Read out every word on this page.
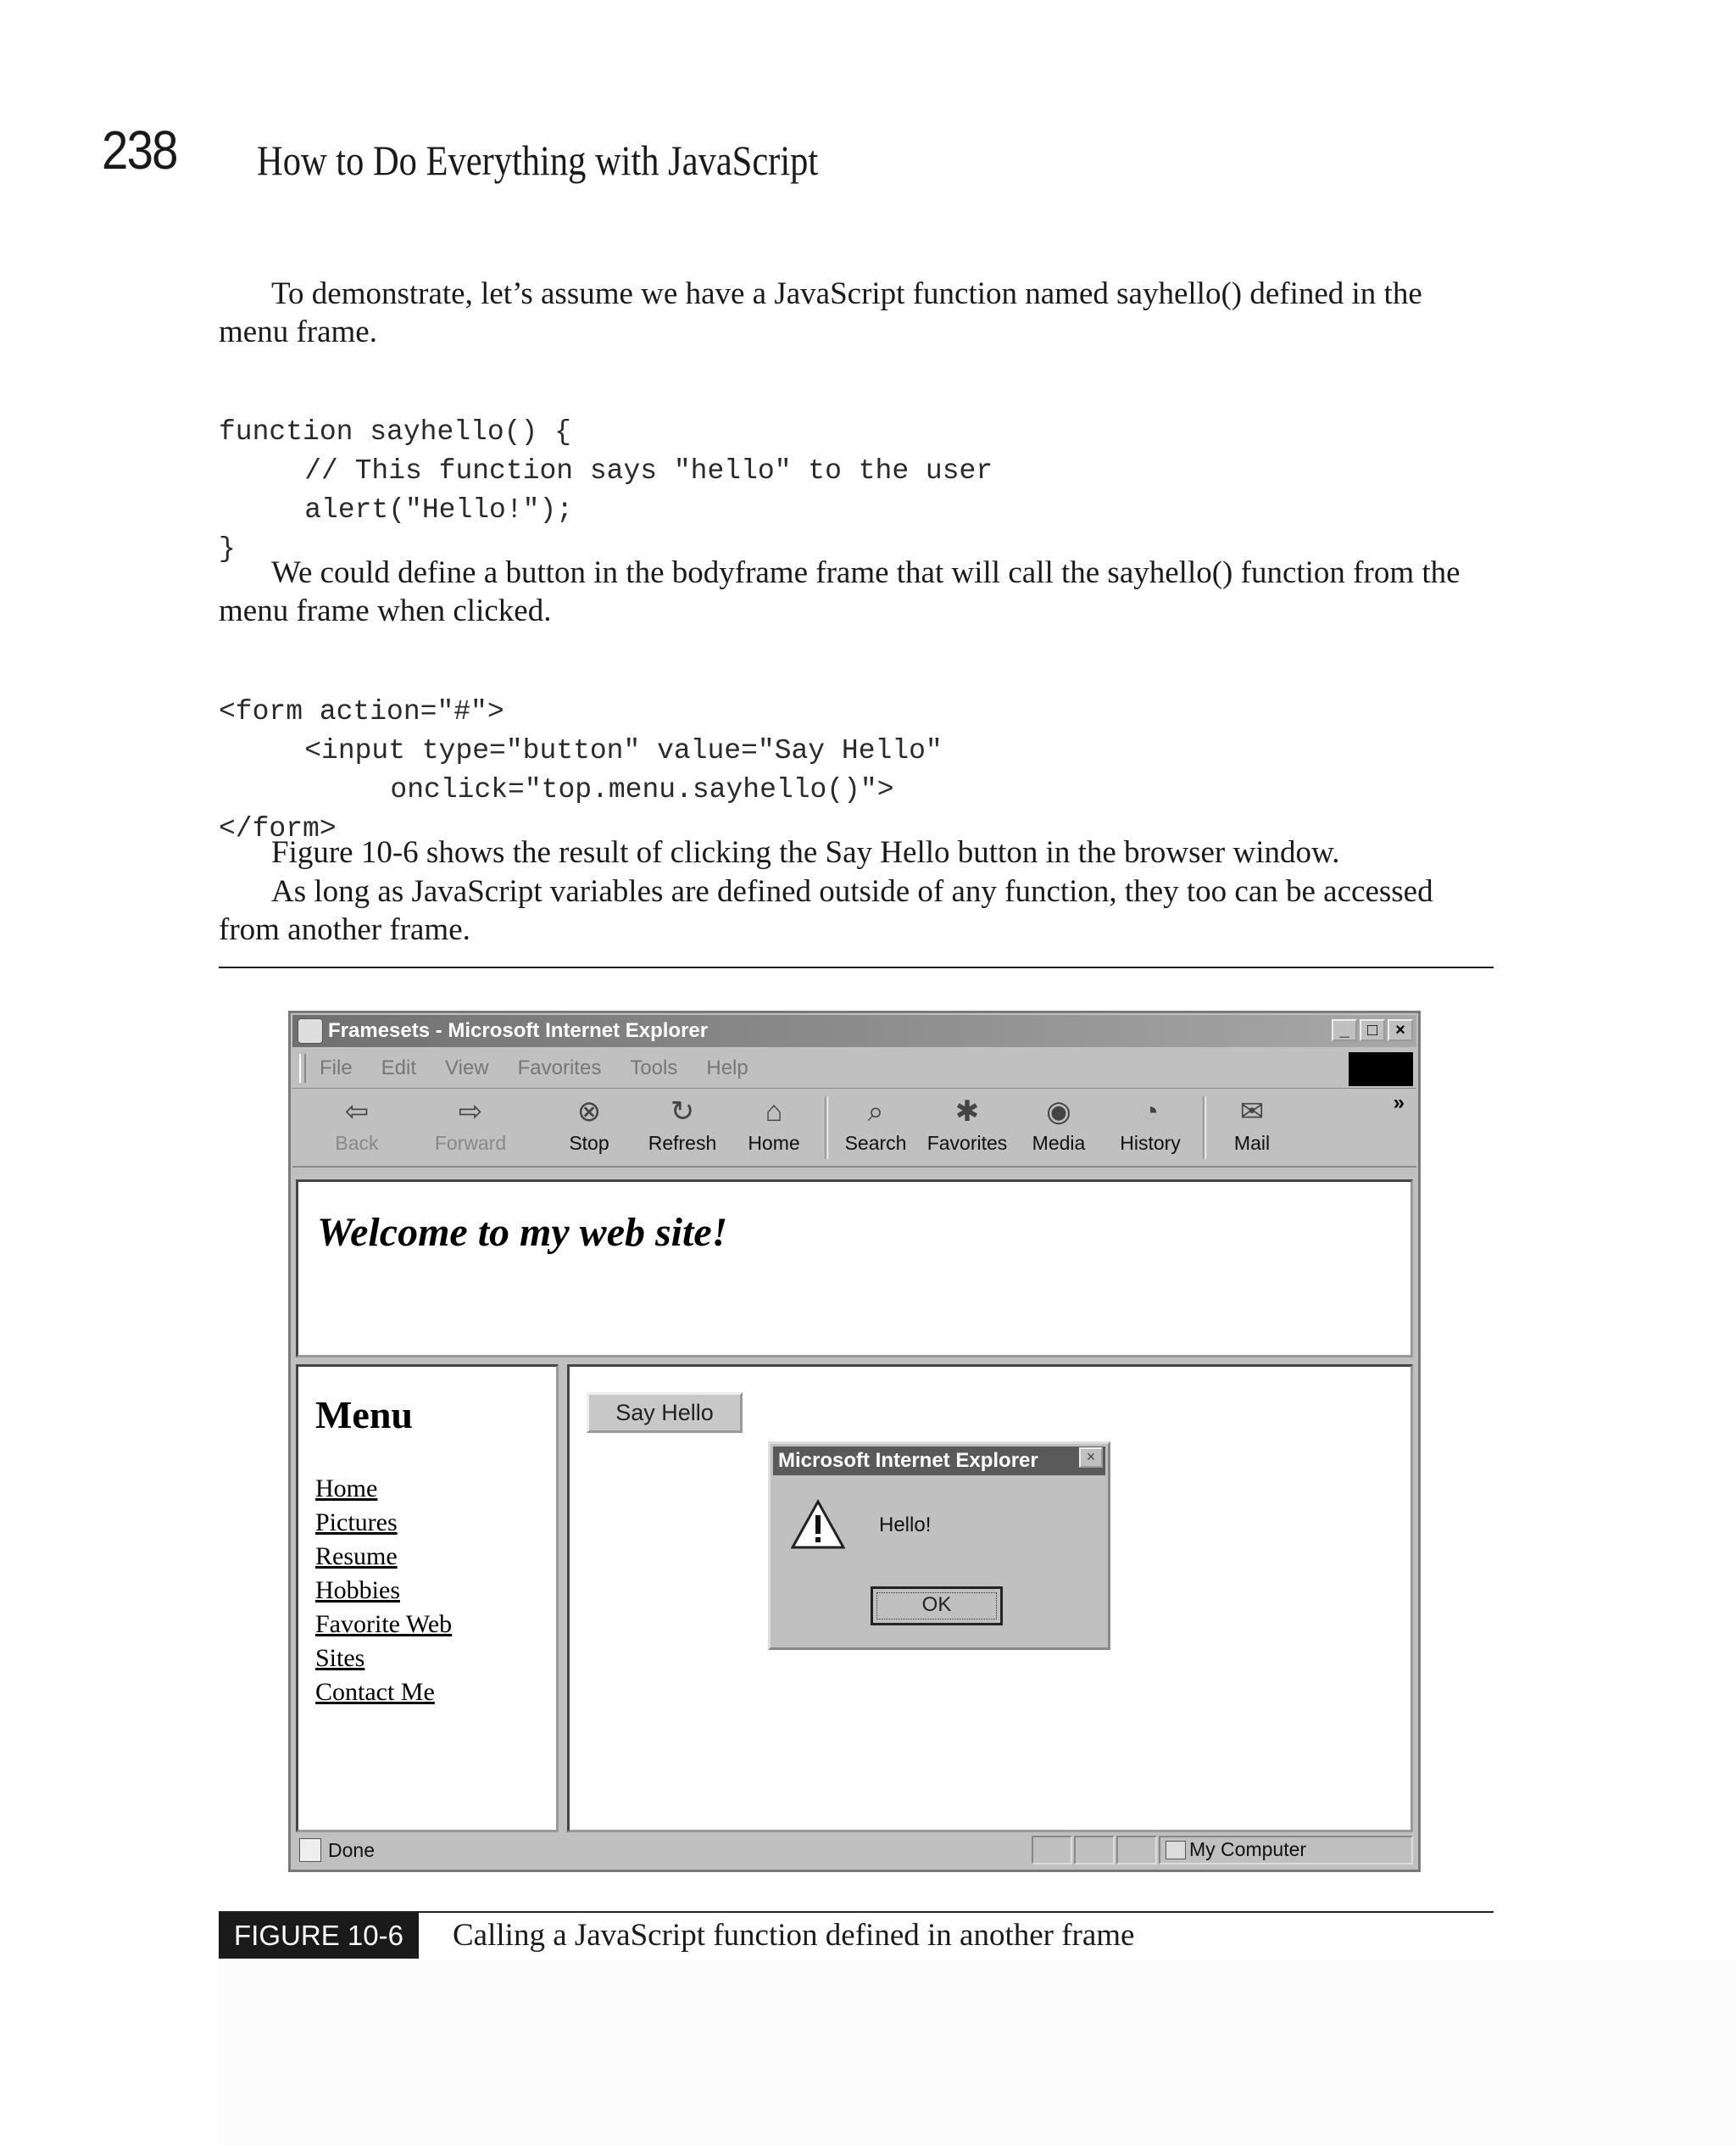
238 How to Do Everything with JavaScript
To demonstrate, let’s assume we have a JavaScript function named sayhello() defined in the menu frame.

function sayhello() {
// This function says "hello" to the user
alert("Hello!");
}

We could define a button in the bodyframe frame that will call the sayhello() function from the menu frame when clicked.

<form action="#">
<input type="button" value="Say Hello"
onclick="top.menu.sayhello()">
</form>

Figure 10-6 shows the result of clicking the Say Hello button in the browser window.
As long as JavaScript variables are defined outside of any function, they too can be accessed from another frame.
Framesets - Microsoft Internet Explorer	_	□	×
File Edit View Favorites Tools Help
⇦
Back
⇨
Forward
⊗
Stop
↻
Refresh
⌂
Home
⌕
Search
✱
Favorites
◉
Media
◔
History
✉
Mail
»
Welcome to my web site!
Menu
Home
Pictures
Resume
Hobbies
Favorite Web
Sites
Contact Me
Say Hello
Microsoft Internet Explorer	×
Hello!
OK
Done	My Computer
FIGURE 10-6	Calling a JavaScript function defined in another frame
